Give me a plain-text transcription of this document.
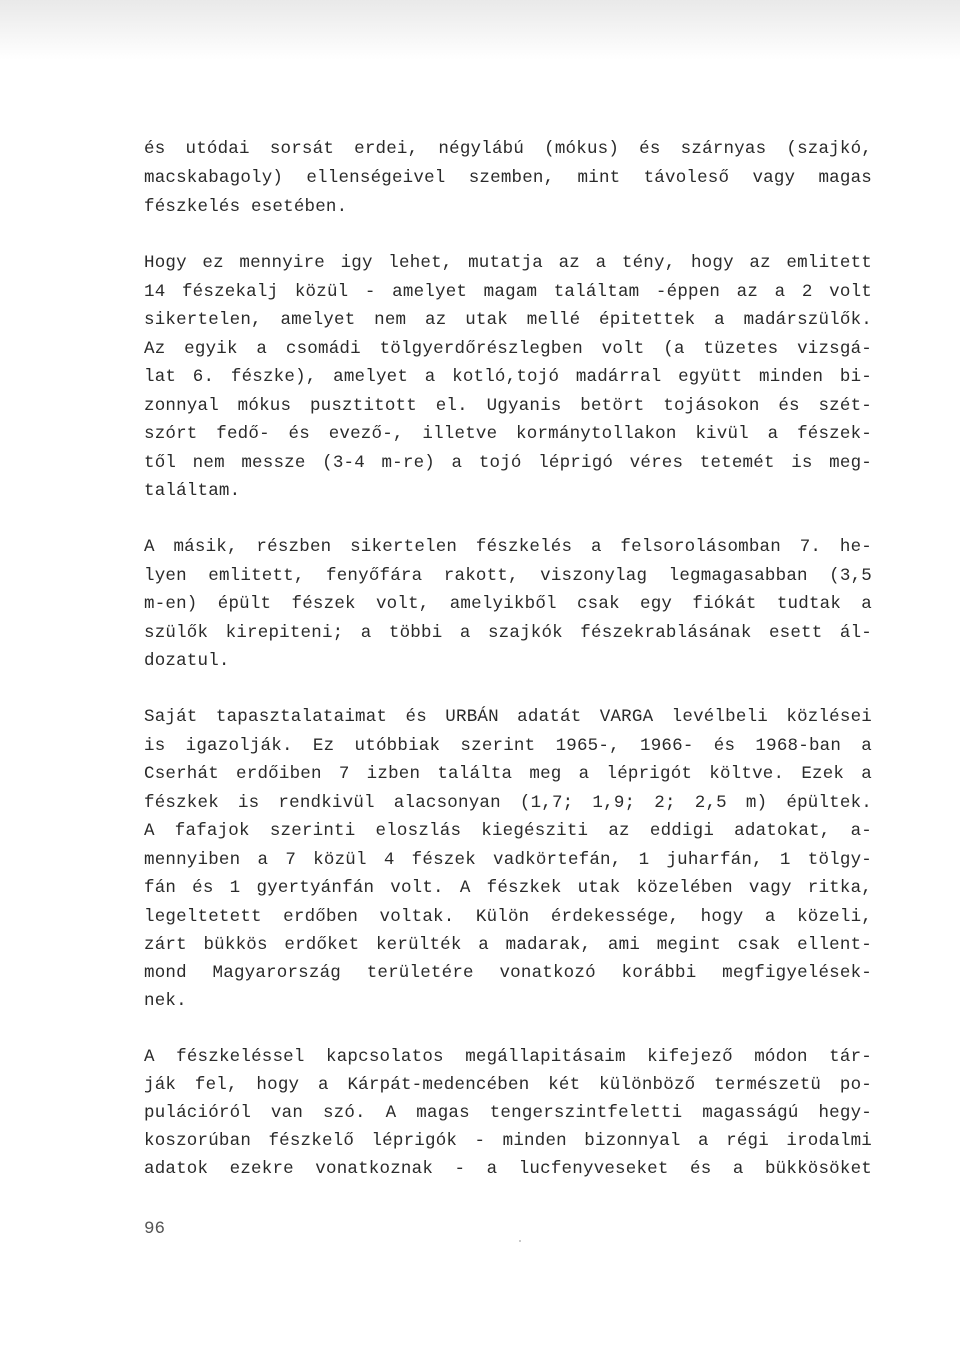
és utódai sorsát erdei, négylábú (mókus) és szárnyas (szajkó,
macskabagoly) ellenségeivel szemben, mint távoleső vagy magas
fészkelés esetében.
Hogy ez mennyire igy lehet, mutatja az a tény, hogy az emlitett
14 fészekalj közül - amelyet magam találtam -éppen az a 2 volt
sikertelen, amelyet nem az utak mellé épitettek a madárszülők.
Az egyik a csomádi tölgyerdőrészlegben volt (a tüzetes vizsgá-
lat 6. fészke), amelyet a kotló,tojó madárral együtt minden bi-
zonnyal mókus pusztitott el. Ugyanis betört tojásokon és szét-
szórt fedő- és evező-, illetve kormánytollakon kivül a fészek-
től nem messze (3-4 m-re) a tojó léprigó véres tetemét is meg-
találtam.
A másik, részben sikertelen fészkelés a felsorolásomban 7. he-
lyen emlitett, fenyőfára rakott, viszonylag legmagasabban (3,5
m-en) épült fészek volt, amelyikből csak egy fiókát tudtak a
szülők kirepiteni; a többi a szajkók fészekrablásának esett ál-
dozatul.
Saját tapasztalataimat és URBÁN adatát VARGA levélbeli közlései
is igazolják. Ez utóbbiak szerint 1965-, 1966- és 1968-ban a
Cserhát erdőiben 7 izben találta meg a léprigót költve. Ezek a
fészkek is rendkivül alacsonyan (1,7; 1,9; 2; 2,5 m) épültek.
A fafajok szerinti eloszlás kiegésziti az eddigi adatokat, a-
mennyiben a 7 közül 4 fészek vadkörtefán, 1 juharfán, 1 tölgy-
fán és 1 gyertyánfán volt. A fészkek utak közelében vagy ritka,
legeltetett erdőben voltak. Külön érdekessége, hogy a közeli,
zárt bükkös erdőket kerülték a madarak, ami megint csak ellent-
mond Magyarország területére vonatkozó korábbi megfigyelések-
nek.
A fészkeléssel kapcsolatos megállapitásaim kifejező módon tár-
ják fel, hogy a Kárpát-medencében két különböző természetü po-
pulációról van szó. A magas tengerszintfeletti magasságú hegy-
koszorúban fészkelő léprigók - minden bizonnyal a régi irodalmi
adatok ezekre vonatkoznak - a lucfenyveseket és a bükkösöket
96
